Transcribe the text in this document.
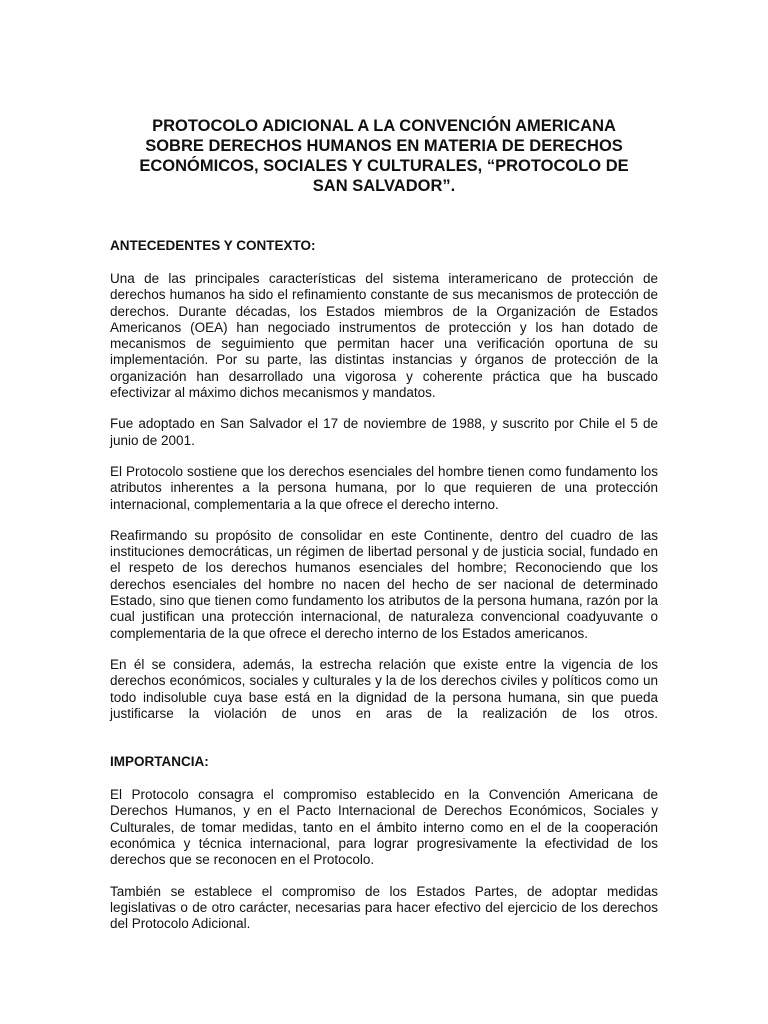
PROTOCOLO ADICIONAL A LA CONVENCIÓN AMERICANA
SOBRE DERECHOS HUMANOS EN MATERIA DE DERECHOS
ECONÓMICOS, SOCIALES Y CULTURALES, “PROTOCOLO DE
SAN SALVADOR”.
ANTECEDENTES Y CONTEXTO:

Una de las principales características del sistema interamericano de protección de derechos humanos ha sido el refinamiento constante de sus mecanismos de protección de derechos. Durante décadas, los Estados miembros de la Organización de Estados Americanos (OEA) han negociado instrumentos de protección y los han dotado de mecanismos de seguimiento que permitan hacer una verificación oportuna de su implementación. Por su parte, las distintas instancias y órganos de protección de la organización han desarrollado una vigorosa y coherente práctica que ha buscado efectivizar al máximo dichos mecanismos y mandatos.

Fue adoptado en San Salvador el 17 de noviembre de 1988, y suscrito por Chile el 5 de junio de 2001.

El Protocolo sostiene que los derechos esenciales del hombre tienen como fundamento los atributos inherentes a la persona humana, por lo que requieren de una protección internacional, complementaria a la que ofrece el derecho interno.

Reafirmando su propósito de consolidar en este Continente, dentro del cuadro de las instituciones democráticas, un régimen de libertad personal y de justicia social, fundado en el respeto de los derechos humanos esenciales del hombre; Reconociendo que los derechos esenciales del hombre no nacen del hecho de ser nacional de determinado Estado, sino que tienen como fundamento los atributos de la persona humana, razón por la cual justifican una protección internacional, de naturaleza convencional coadyuvante o complementaria de la que ofrece el derecho interno de los Estados americanos.

En él se considera, además, la estrecha relación que existe entre la vigencia de los derechos económicos, sociales y culturales y la de los derechos civiles y políticos como un todo indisoluble cuya base está en la dignidad de la persona humana, sin que pueda justificarse la violación de unos en aras de la realización de los otros.

IMPORTANCIA:

El Protocolo consagra el compromiso establecido en la Convención Americana de Derechos Humanos, y en el Pacto Internacional de Derechos Económicos, Sociales y Culturales, de tomar medidas, tanto en el ámbito interno como en el de la cooperación económica y técnica internacional, para lograr progresivamente la efectividad de los derechos que se reconocen en el Protocolo.

También se establece el compromiso de los Estados Partes, de adoptar medidas legislativas o de otro carácter, necesarias para hacer efectivo del ejercicio de los derechos del Protocolo Adicional.
